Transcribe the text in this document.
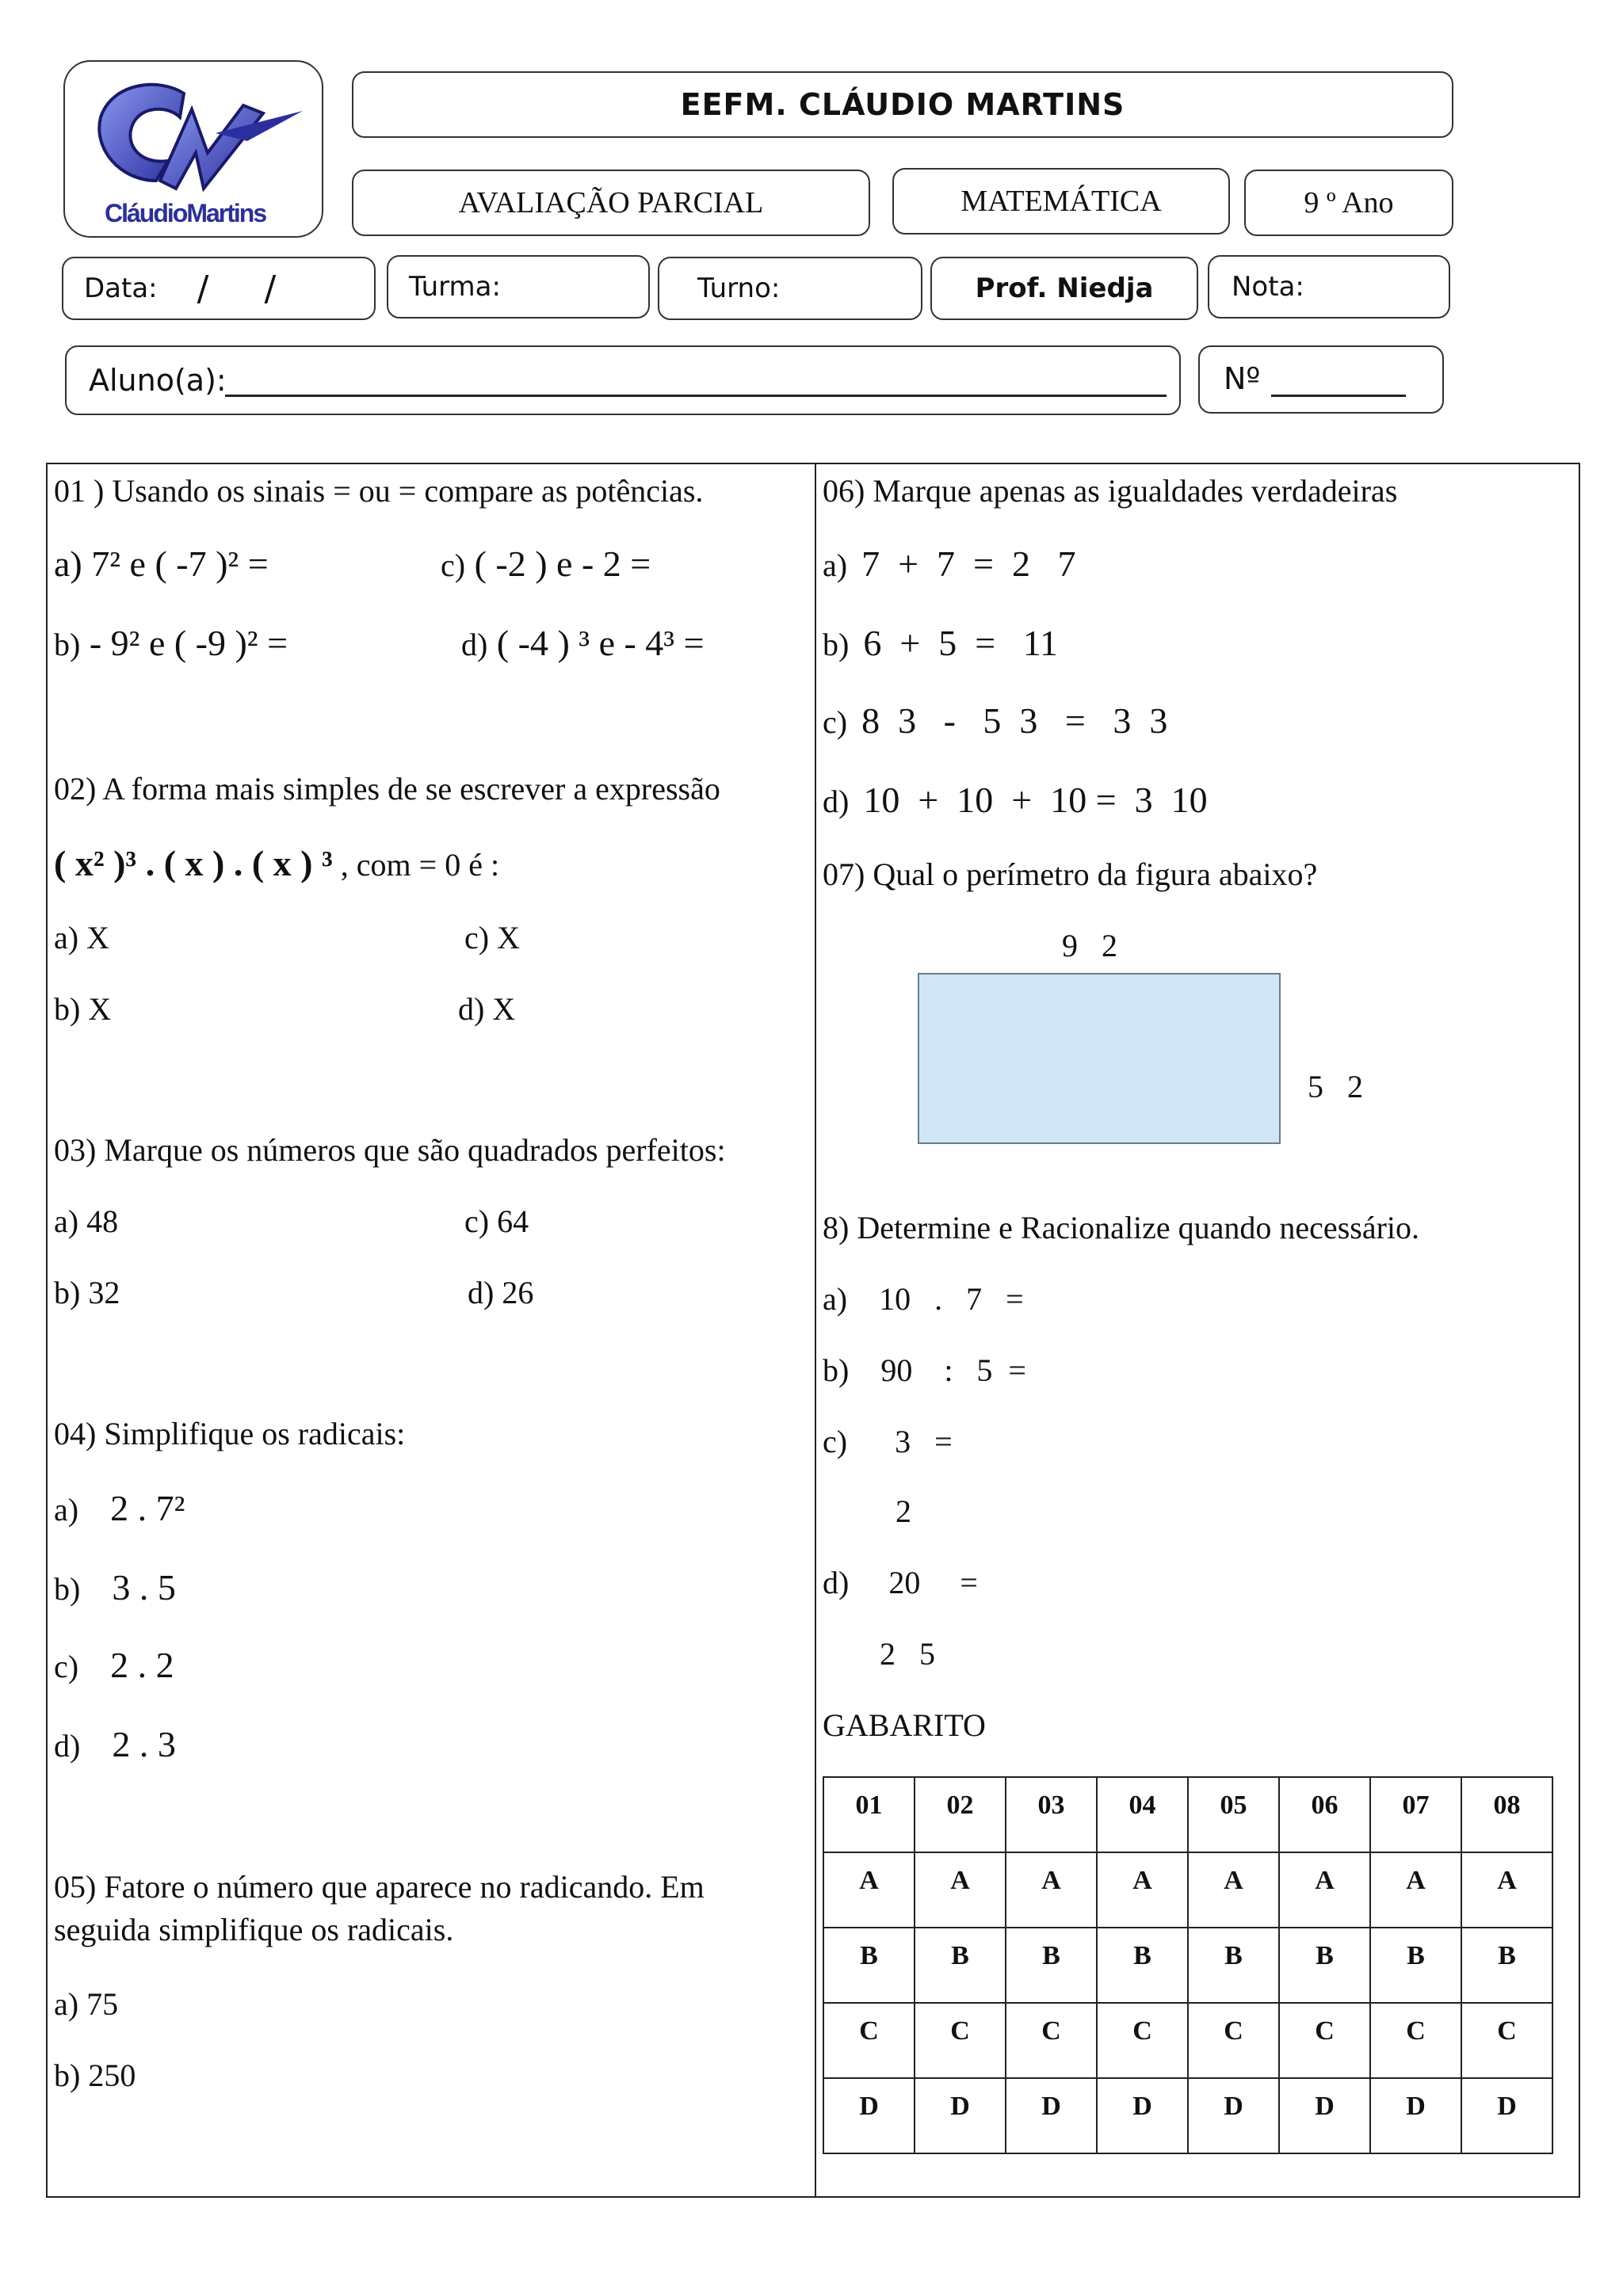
CláudioMartins
EEFM. CLÁUDIO MARTINS
AVALIAÇÃO PARCIAL	MATEMÁTICA	9 º Ano
Data: / /	Turma:	Turno:	Prof. Niedja	Nota:
Aluno(a):	Nº
01 ) Usando os sinais = ou = compare as potências.
a) 7² e ( -7 )² =	c) ( -2 ) e - 2 =
b) - 9² e ( -9 )² =	d) ( -4 ) ³ e - 4³ =
02) A forma mais simples de se escrever a expressão
( x² )³ . ( x ) . ( x ) ³ , com = 0 é :
a) X	c) X
b) X	d) X
03) Marque os números que são quadrados perfeitos:
a) 48	c) 64
b) 32	d) 26
04) Simplifique os radicais:
a) 2 . 7²
b) 3 . 5
c) 2 . 2
d) 2 . 3
05) Fatore o número que aparece no radicando. Em
seguida simplifique os radicais.
a) 75
b) 250
06) Marque apenas as igualdades verdadeiras
a) 7  +  7  =  2   7
b) 6  +  5  =   11
c) 8  3   -   5  3   =   3  3
d) 10  +  10  +  10 =  3  10
07) Qual o perímetro da figura abaixo?
9   2
5   2
8) Determine e Racionalize quando necessário.
a)    10   .   7   =
b)    90    :   5  =
c)      3   =
2
d)     20     =
2   5
GABARITO
01	02	03	04	05	06	07	08
A	A	A	A	A	A	A	A
B	B	B	B	B	B	B	B
C	C	C	C	C	C	C	C
D	D	D	D	D	D	D	D
